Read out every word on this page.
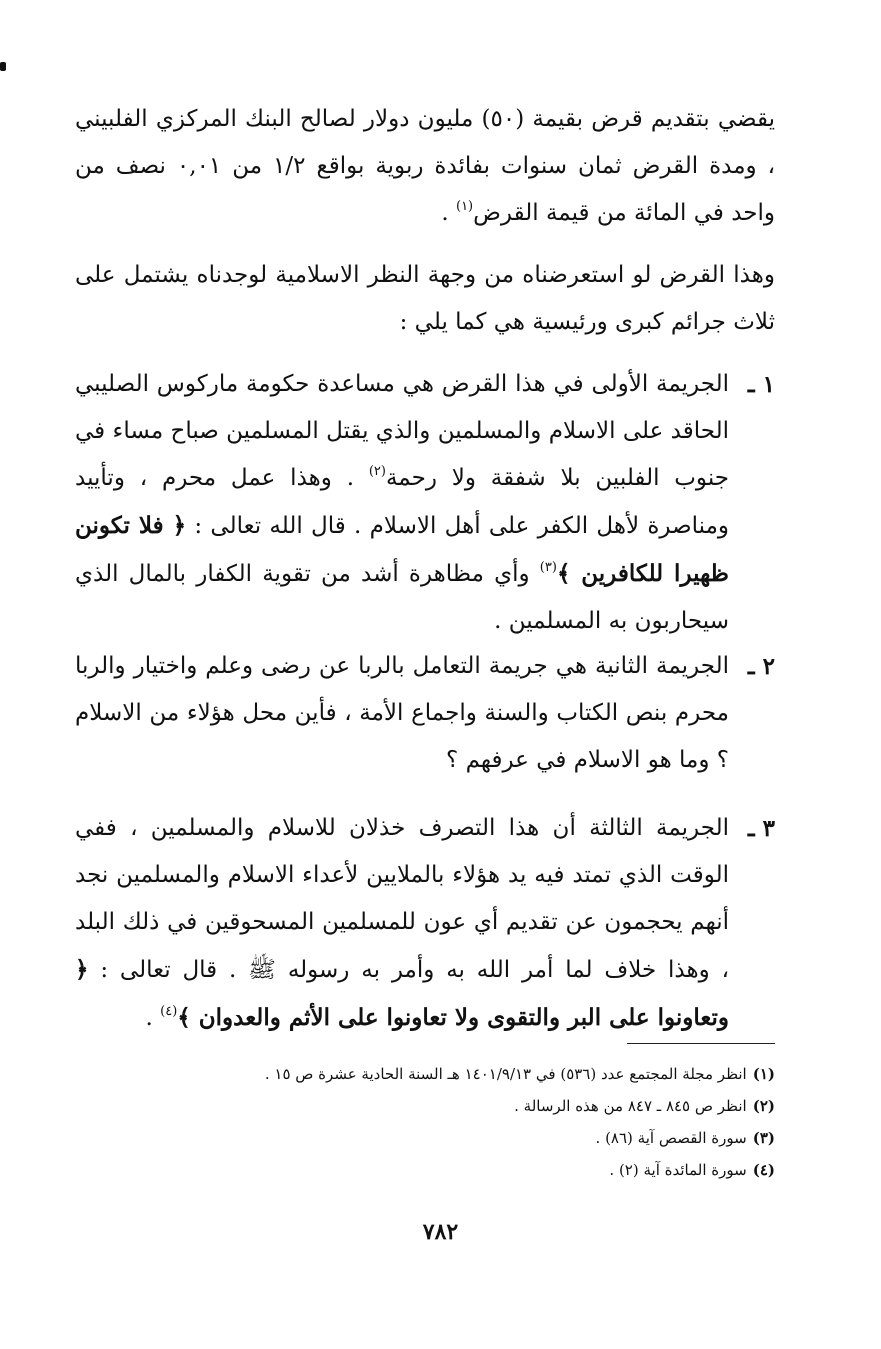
يقضي بتقديم قرض بقيمة (٥٠) مليون دولار لصالح البنك المركزي الفلبيني ، ومدة القرض ثمان سنوات بفائدة ربوية بواقع ١/٢ من ٠,٠١ نصف من واحد في المائة من قيمة القرض$^{(١)}$ .

وهذا القرض لو استعرضناه من وجهة النظر الاسلامية لوجدناه يشتمل على ثلاث جرائم كبرى ورئيسية هي كما يلي :

١ ـ

الجريمة الأولى في هذا القرض هي مساعدة حكومة ماركوس الصليبي الحاقد على الاسلام والمسلمين والذي يقتل المسلمين صباح مساء في جنوب الفلبين بلا شفقة ولا رحمة$^{(٢)}$ . وهذا عمل محرم ، وتأييد ومناصرة لأهل الكفر على أهل الاسلام . قال الله تعالى : ﴿ فلا تكونن ظهيرا للكافرين ﴾$^{(٣)}$ وأي مظاهرة أشد من تقوية الكفار بالمال الذي سيحاربون به المسلمين .

٢ ـ

الجريمة الثانية هي جريمة التعامل بالربا عن رضى وعلم واختيار والربا محرم بنص الكتاب والسنة واجماع الأمة ، فأين محل هؤلاء من الاسلام ؟ وما هو الاسلام في عرفهم ؟

٣ ـ

الجريمة الثالثة أن هذا التصرف خذلان للاسلام والمسلمين ، ففي الوقت الذي تمتد فيه يد هؤلاء بالملايين لأعداء الاسلام والمسلمين نجد أنهم يحجمون عن تقديم أي عون للمسلمين المسحوقين في ذلك البلد ، وهذا خلاف لما أمر الله به وأمر به رسوله ﷺ . قال تعالى : ﴿ وتعاونوا على البر والتقوى ولا تعاونوا على الأثم والعدوان ﴾$^{(٤)}$ .

(١)انظر مجلة المجتمع عدد (٥٣٦) في ١٤٠١/٩/١٣ هـ السنة الحادية عشرة ص ١٥ .
(٢)انظر ص ٨٤٥ ـ ٨٤٧ من هذه الرسالة .
(٣)سورة القصص آية (٨٦) .
(٤)سورة المائدة آية (٢) .
٧٨٢
